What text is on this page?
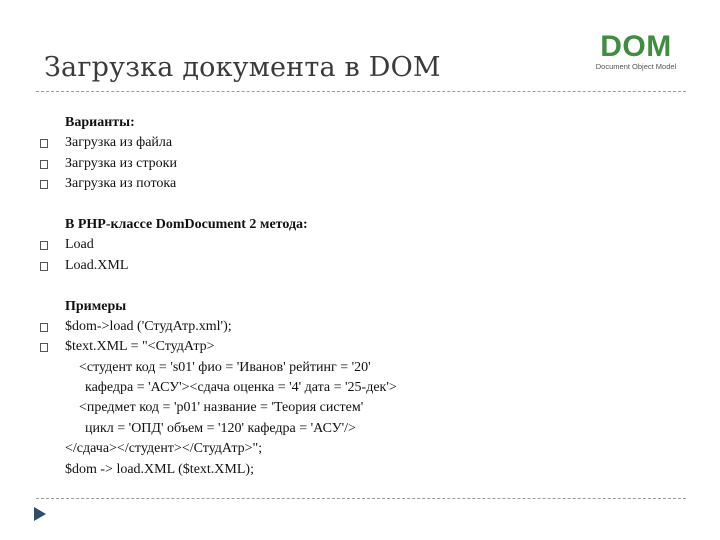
Загрузка документа в DOM
DOM
Document Object Model
Варианты:
Загрузка из файла
Загрузка из строки
Загрузка из потока
В PHP-классе DomDocument 2 метода:
Load
Load.XML
Примеры
$dom->load ('СтудАтр.xml');
$text.XML = "<СтудАтр>
<студент код = 's01' фио = 'Иванов' рейтинг = '20'
кафедра = 'АСУ'><сдача оценка = '4' дата = '25-дек'>
<предмет код = 'p01' название = 'Теория систем'
цикл = 'ОПД' объем = '120' кафедра = 'АСУ'/>
</сдача></студент></СтудАтр>";
$dom -> load.XML ($text.XML);
